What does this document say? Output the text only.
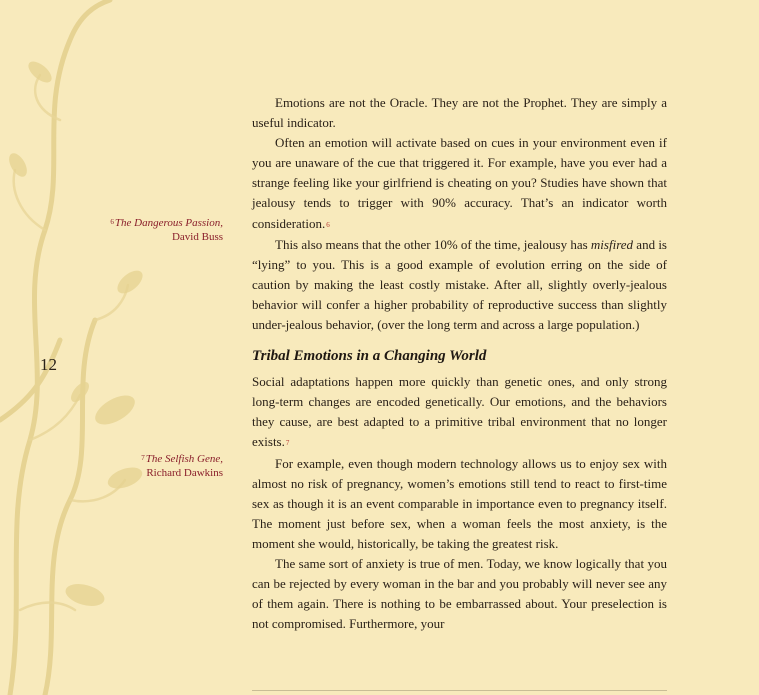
12
6The Dangerous Passion,
David Buss
7The Selfish Gene,
Richard Dawkins

Emotions are not the Oracle. They are not the Prophet. They are simply a useful indicator.

Often an emotion will activate based on cues in your environment even if you are unaware of the cue that triggered it. For example, have you ever had a strange feeling like your girlfriend is cheating on you? Studies have shown that jealousy tends to trigger with 90% accuracy. That’s an indicator worth consideration.$^6$

This also means that the other 10% of the time, jealousy has misfired and is “lying” to you. This is a good example of evolution erring on the side of caution by making the least costly mistake. After all, slightly overly-jealous behavior will confer a higher probability of reproductive success than slightly under-jealous behavior, (over the long term and across a large population.)

Tribal Emotions in a Changing World

Social adaptations happen more quickly than genetic ones, and only strong long-term changes are encoded genetically. Our emotions, and the behaviors they cause, are best adapted to a primitive tribal environment that no longer exists.$^7$

For example, even though modern technology allows us to enjoy sex with almost no risk of pregnancy, women’s emotions still tend to react to first-time sex as though it is an event comparable in importance even to pregnancy itself. The moment just before sex, when a woman feels the most anxiety, is the moment she would, historically, be taking the greatest risk.

The same sort of anxiety is true of men. Today, we know logically that you can be rejected by every woman in the bar and you probably will never see any of them again. There is nothing to be embarrassed about. Your preselection is not compromised. Furthermore, your
